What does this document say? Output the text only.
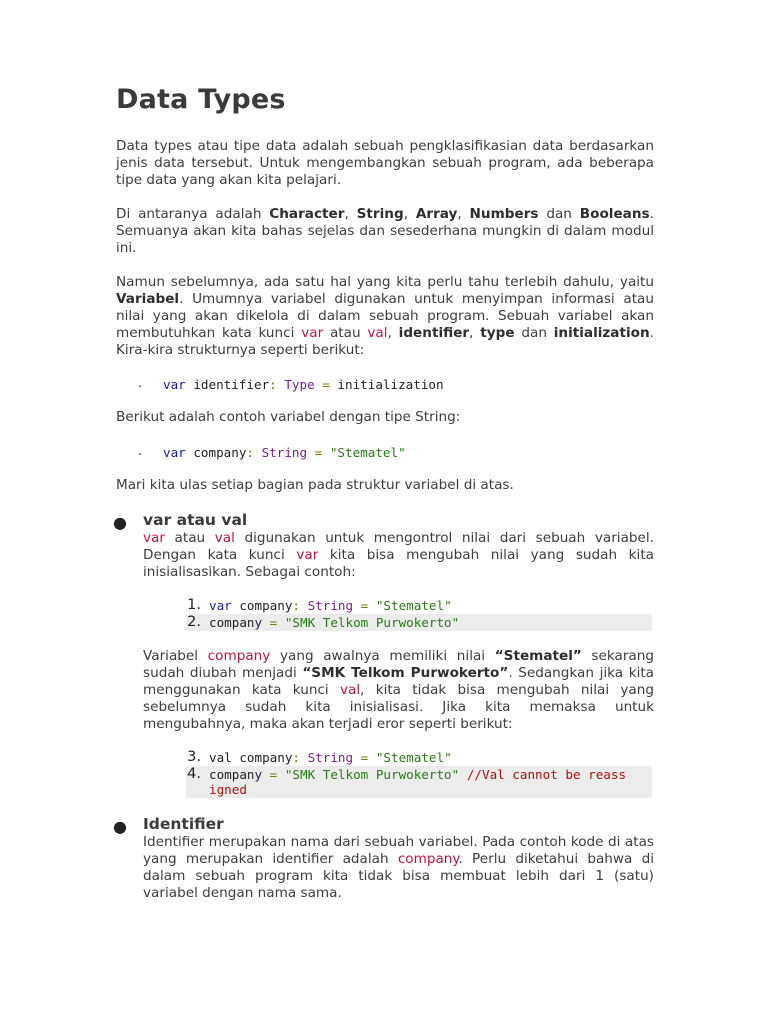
Data Types

Data types atau tipe data adalah sebuah pengklasifikasian data berdasarkan jenis data tersebut. Untuk mengembangkan sebuah program, ada beberapa tipe data yang akan kita pelajari.

Di antaranya adalah Character, String, Array, Numbers dan Booleans. Semuanya akan kita bahas sejelas dan sesederhana mungkin di dalam modul ini.

Namun sebelumnya, ada satu hal yang kita perlu tahu terlebih dahulu, yaitu Variabel. Umumnya variabel digunakan untuk menyimpan informasi atau nilai yang akan dikelola di dalam sebuah program. Sebuah variabel akan membutuhkan kata kunci var atau val, identifier, type dan initialization. Kira-kira strukturnya seperti berikut:

. var identifier: Type = initialization

Berikut adalah contoh variabel dengan tipe String:

. var company: String = "Stematel"

Mari kita ulas setiap bagian pada struktur variabel di atas.

● var atau val

var atau val digunakan untuk mengontrol nilai dari sebuah variabel. Dengan kata kunci var kita bisa mengubah nilai yang sudah kita inisialisasikan. Sebagai contoh:

1. var company: String = "Stematel"
2. company = "SMK Telkom Purwokerto"

Variabel company yang awalnya memiliki nilai “Stematel” sekarang sudah diubah menjadi “SMK Telkom Purwokerto”. Sedangkan jika kita menggunakan kata kunci val, kita tidak bisa mengubah nilai yang sebelumnya sudah kita inisialisasi. Jika kita memaksa untuk mengubahnya, maka akan terjadi eror seperti berikut:

3. val company: String = "Stematel"
4. company = "SMK Telkom Purwokerto" //Val cannot be reass
igned
● Identifier

Identifier merupakan nama dari sebuah variabel. Pada contoh kode di atas yang merupakan identifier adalah company. Perlu diketahui bahwa di dalam sebuah program kita tidak bisa membuat lebih dari 1 (satu) variabel dengan nama sama.
